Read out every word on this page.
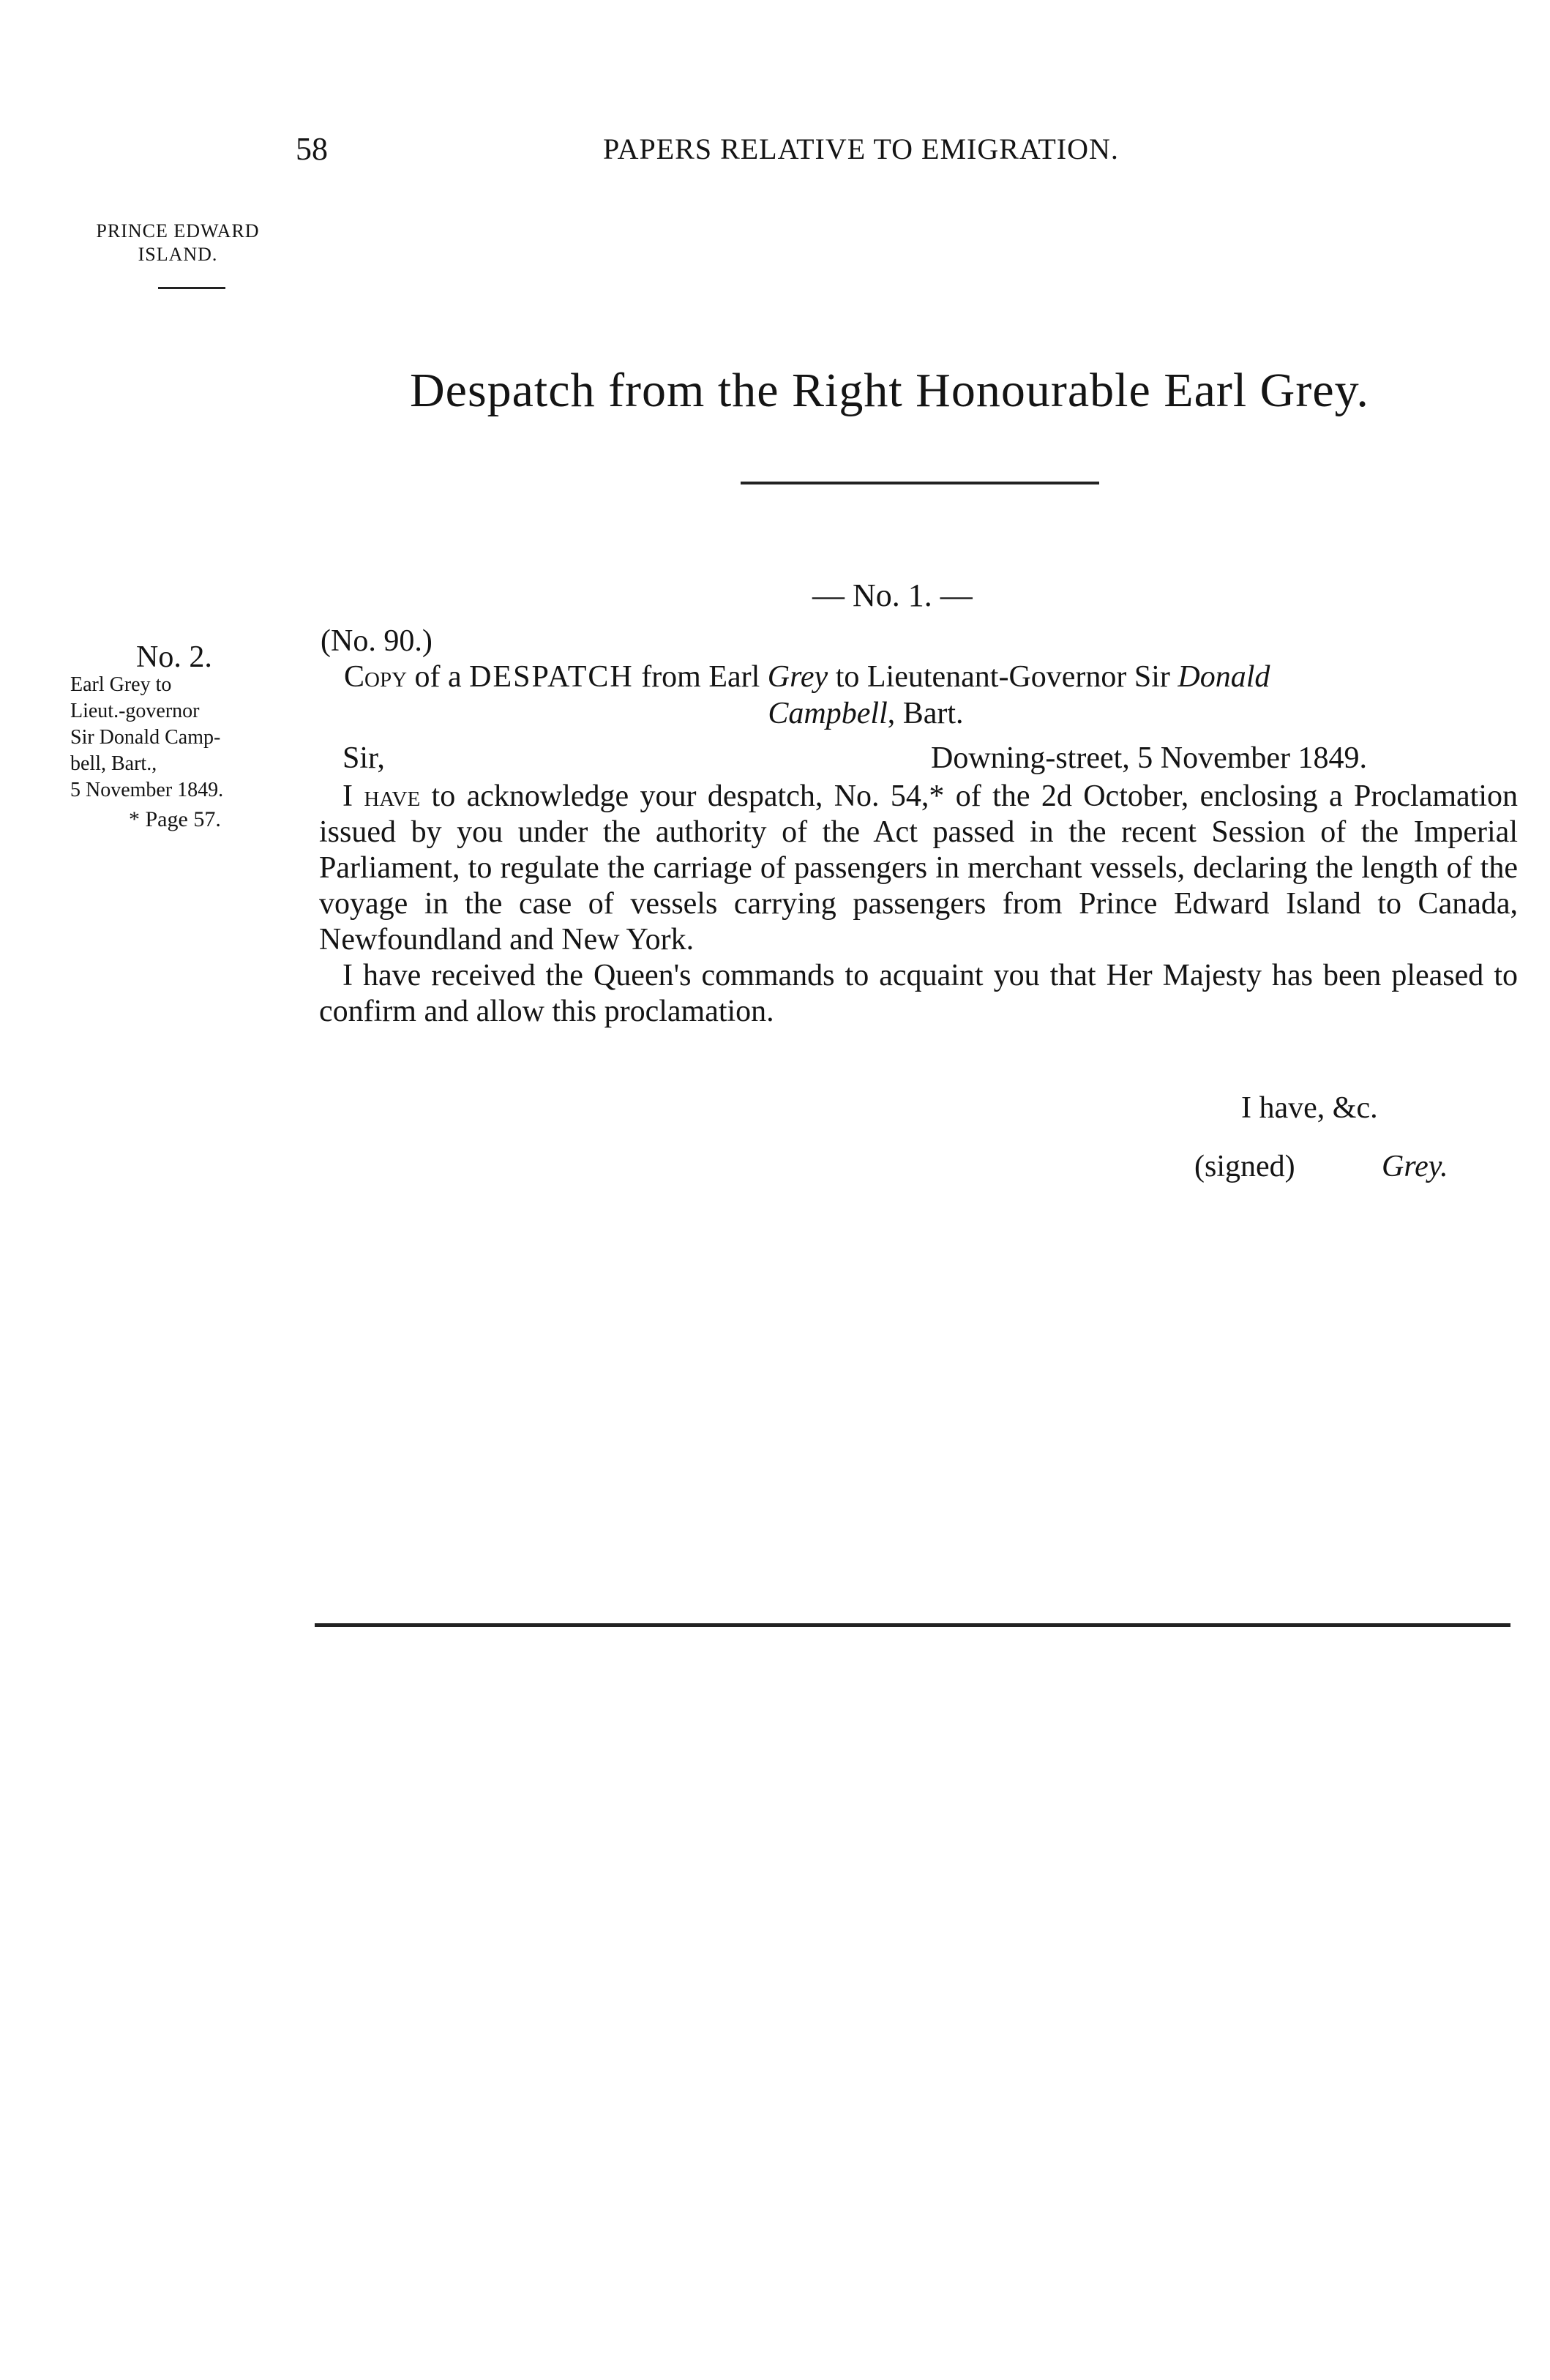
58	PAPERS RELATIVE TO EMIGRATION.
PRINCE EDWARD
ISLAND.
Despatch from the Right Honourable Earl Grey.
— No. 1. —
No. 2.
Earl Grey to
Lieut.-governor
Sir Donald Camp-
bell, Bart.,
5 November 1849.
* Page 57.
(No. 90.)
Copy of a DESPATCH from Earl Grey to Lieutenant-Governor Sir Donald
Campbell, Bart.
Sir,	Downing-street, 5 November 1849.

I have to acknowledge your despatch, No. 54,* of the 2d October, enclosing a Proclamation issued by you under the authority of the Act passed in the recent Session of the Imperial Parliament, to regulate the carriage of passengers in merchant vessels, declaring the length of the voyage in the case of vessels carrying passengers from Prince Edward Island to Canada, Newfoundland and New York.

I have received the Queen's commands to acquaint you that Her Majesty has been pleased to confirm and allow this proclamation.

I have, &c.
(signed)	Grey.
